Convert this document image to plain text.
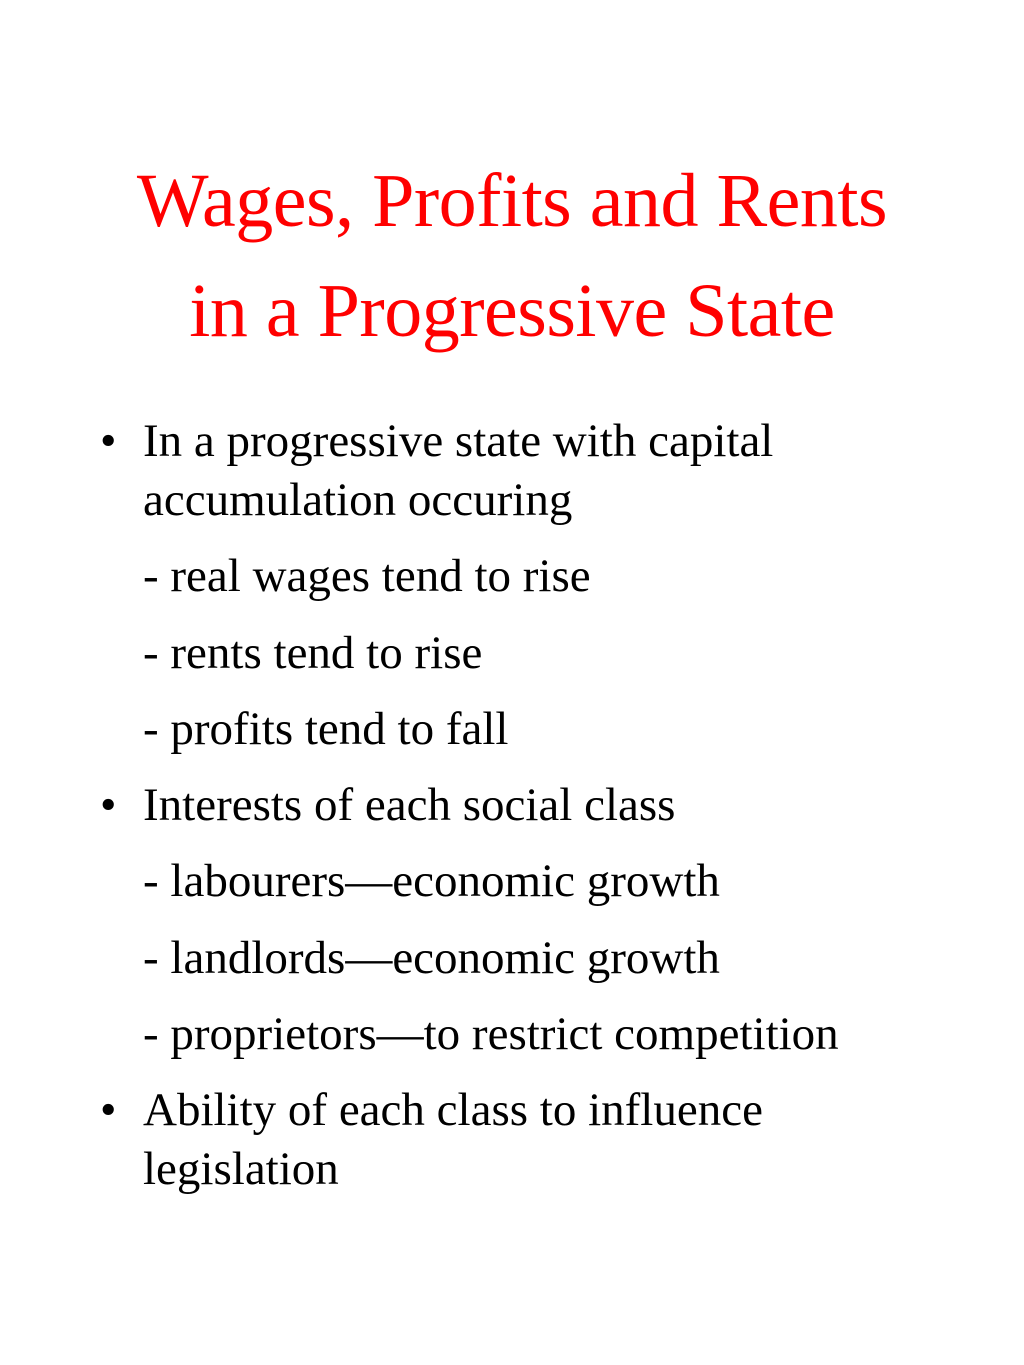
Wages, Profits and Rents
in a Progressive State
• In a progressive state with capital
accumulation occuring
- real wages tend to rise
- rents tend to rise
- profits tend to fall
• Interests of each social class
- labourers—economic growth
- landlords—economic growth
- proprietors—to restrict competition
• Ability of each class to influence
legislation
